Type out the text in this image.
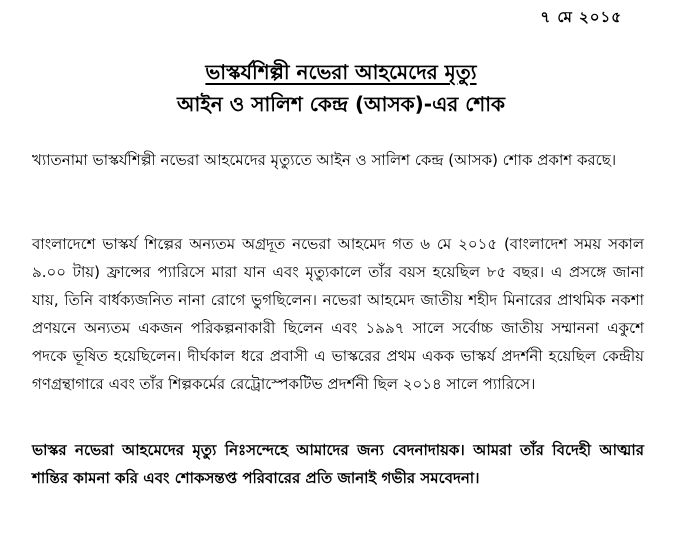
৭ মে ২০১৫
ভাস্কর্যশিল্পী নভেরা আহমেদের মৃত্যু
আইন ও সালিশ কেন্দ্র (আসক)-এর শোক

খ্যাতনামা ভাস্কর্যশিল্পী নভেরা আহমেদের মৃত্যুতে আইন ও সালিশ কেন্দ্র (আসক) শোক প্রকাশ করছে।

বাংলাদেশে ভাস্কর্য শিল্পের অন্যতম অগ্রদূত নভেরা আহমেদ গত ৬ মে ২০১৫ (বাংলাদেশ সময় সকাল ৯.০০ টায়) ফ্রান্সের প্যারিসে মারা যান এবং মৃত্যুকালে তাঁর বয়স হয়েছিল ৮৫ বছর। এ প্রসঙ্গে জানা যায়, তিনি বার্ধক্যজনিত নানা রোগে ভুগছিলেন। নভেরা আহমেদ জাতীয় শহীদ মিনারের প্রাথমিক নকশা প্রণয়নে অন্যতম একজন পরিকল্পনাকারী ছিলেন এবং ১৯৯৭ সালে সর্বোচ্চ জাতীয় সম্মাননা একুশে পদকে ভূষিত হয়েছিলেন। দীর্ঘকাল ধরে প্রবাসী এ ভাস্করের প্রথম একক ভাস্কর্য প্রদর্শনী হয়েছিল কেন্দ্রীয় গণগ্রন্থাগারে এবং তাঁর শিল্পকর্মের রেট্রোস্পেকটিভ প্রদর্শনী ছিল ২০১৪ সালে প্যারিসে।

ভাস্কর নভেরা আহমেদের মৃত্যু নিঃসন্দেহে আমাদের জন্য বেদনাদায়ক। আমরা তাঁর বিদেহী আত্মার শান্তির কামনা করি এবং শোকসন্তপ্ত পরিবারের প্রতি জানাই গভীর সমবেদনা।
